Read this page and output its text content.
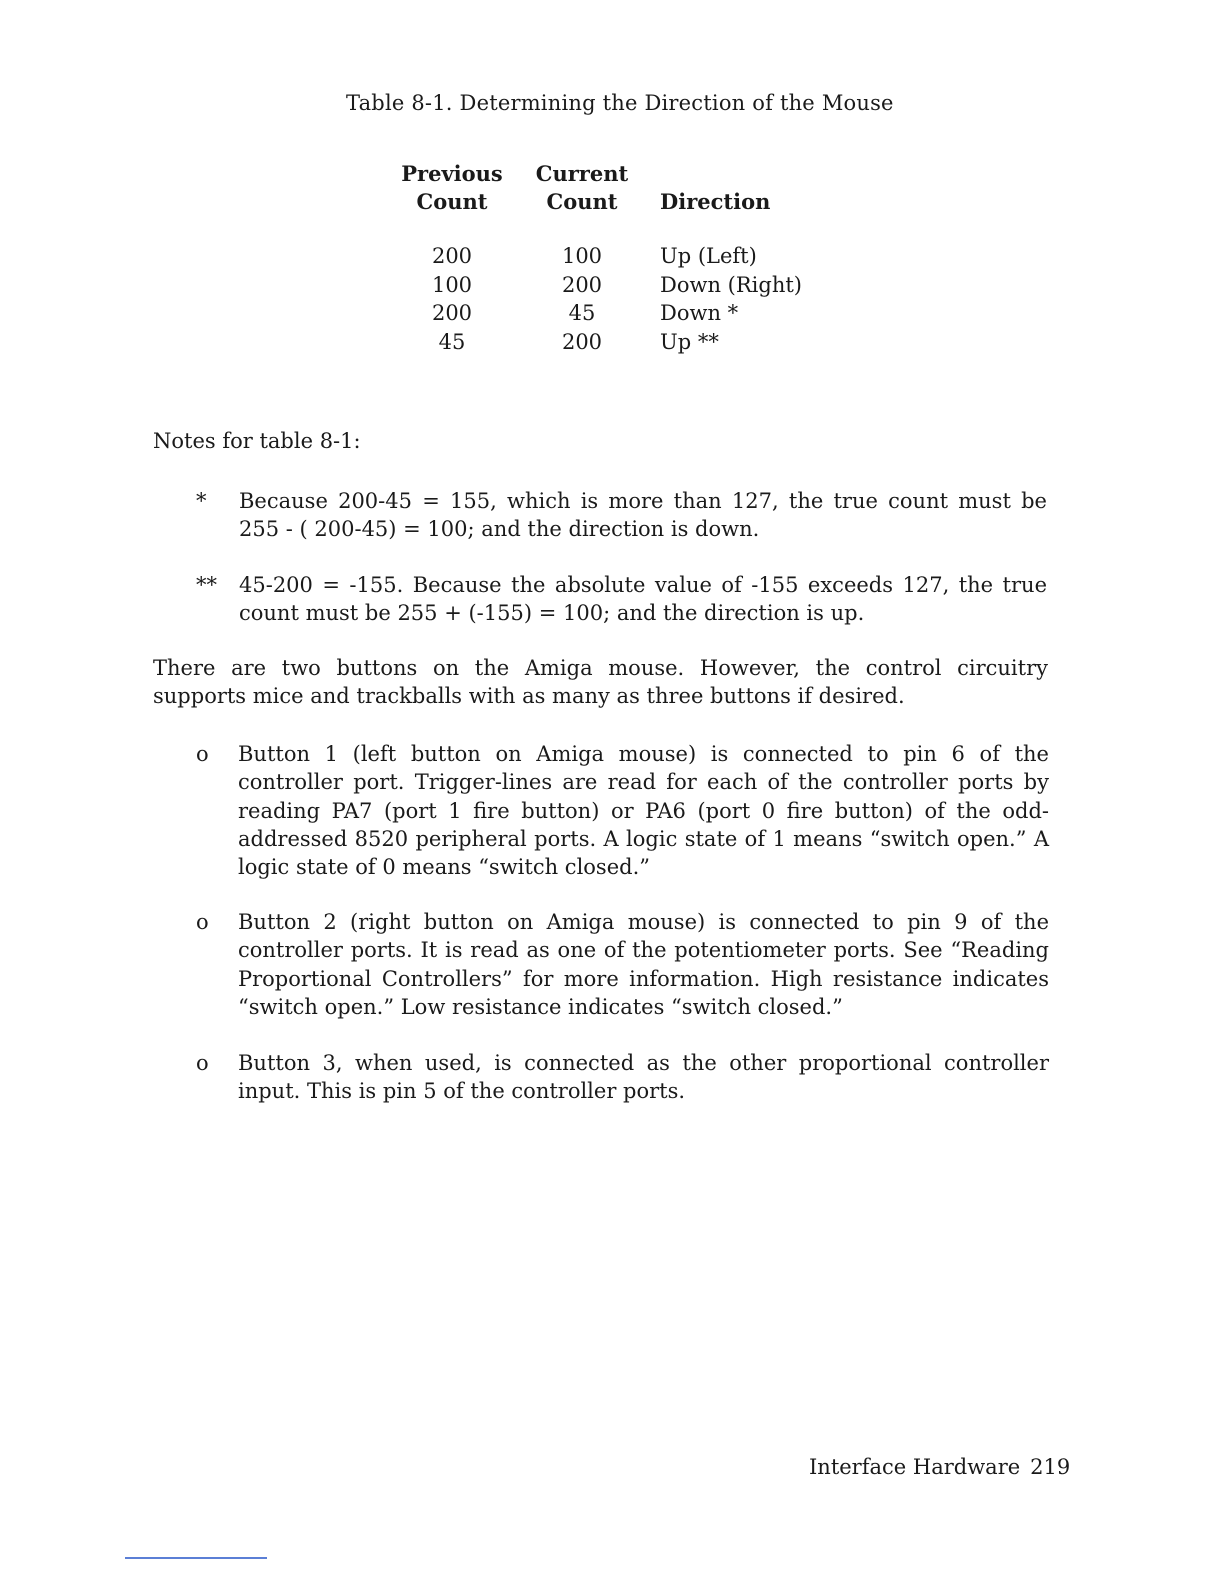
Table 8-1. Determining the Direction of the Mouse
Previous	Current	
Count	Count	Direction

200	100	Up (Left)
100	200	Down (Right)
200	45	Down *
45	200	Up **
Notes for table 8-1:
* Because 200-45 = 155, which is more than 127, the true count must be 255 - ( 200-45) = 100; and the direction is down.
** 45-200 = -155. Because the absolute value of -155 exceeds 127, the true count must be 255 + (-155) = 100; and the direction is up.
There are two buttons on the Amiga mouse. However, the control circuitry supports mice and trackballs with as many as three buttons if desired.
o Button 1 (left button on Amiga mouse) is connected to pin 6 of the controller port. Trigger-lines are read for each of the controller ports by reading PA7 (port 1 fire button) or PA6 (port 0 fire button) of the odd-addressed 8520 peripheral ports. A logic state of 1 means “switch open.” A logic state of 0 means “switch closed.”
o Button 2 (right button on Amiga mouse) is connected to pin 9 of the controller ports. It is read as one of the potentiometer ports. See “Reading Proportional Controllers” for more information. High resistance indicates “switch open.” Low resistance indicates “switch closed.”
o Button 3, when used, is connected as the other proportional controller input. This is pin 5 of the controller ports.
Interface Hardware 219
